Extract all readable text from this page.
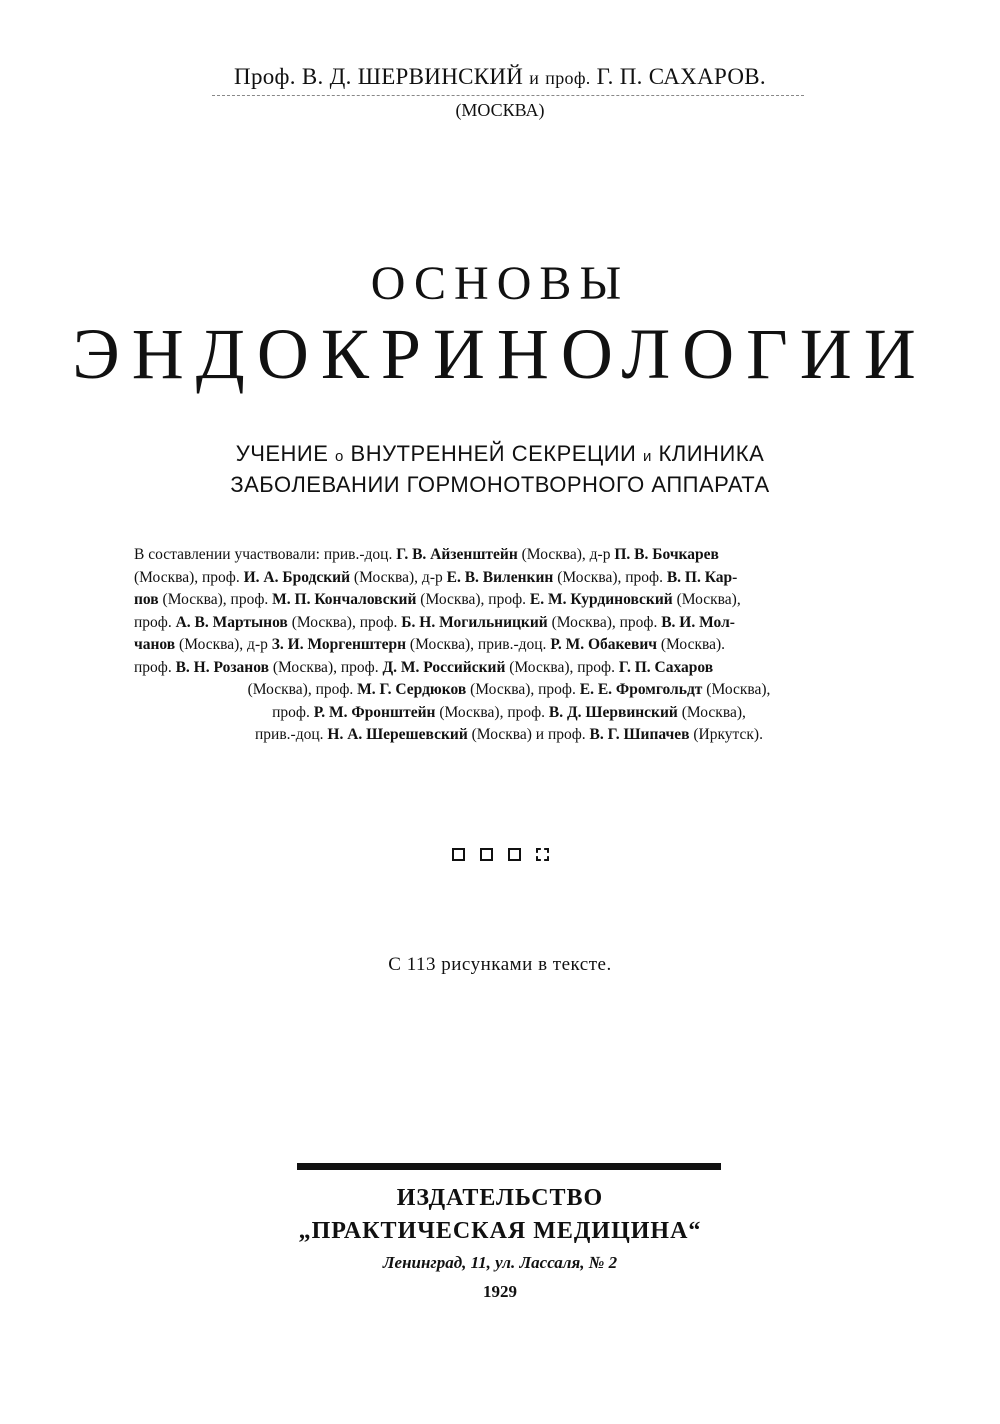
Проф. В. Д. ШЕРВИНСКИЙ и проф. Г. П. САХАРОВ.
(МОСКВА)
ОСНОВЫ
ЭНДОКРИНОЛОГИИ
УЧЕНИЕ о ВНУТРЕННЕЙ СЕКРЕЦИИ и КЛИНИКА
ЗАБОЛЕВАНИИ ГОРМОНОТВОРНОГО АППАРАТА

В составлении участвовали: прив.-доц. Г. В. Айзенштейн (Москва), д-р П. В. Бочкарев

(Москва), проф. И. А. Бродский (Москва), д-р Е. В. Виленкин (Москва), проф. В. П. Кар-

пов (Москва), проф. М. П. Кончаловский (Москва), проф. Е. М. Курдиновский (Москва),

проф. А. В. Мартынов (Москва), проф. Б. Н. Могильницкий (Москва), проф. В. И. Мол-

чанов (Москва), д-р З. И. Моргенштерн (Москва), прив.-доц. Р. М. Обакевич (Москва).

проф. В. Н. Розанов (Москва), проф. Д. М. Российский (Москва), проф. Г. П. Сахаров

(Москва), проф. М. Г. Сердюков (Москва), проф. Е. Е. Фромгольдт (Москва),

проф. Р. М. Фронштейн (Москва), проф. В. Д. Шервинский (Москва),

прив.-доц. Н. А. Шерешевский (Москва) и проф. В. Г. Шипачев (Иркутск).

С 113 рисунками в тексте.
ИЗДАТЕЛЬСТВО
„ПРАКТИЧЕСКАЯ МЕДИЦИНА“
Ленинград, 11, ул. Лассаля, № 2
1929
